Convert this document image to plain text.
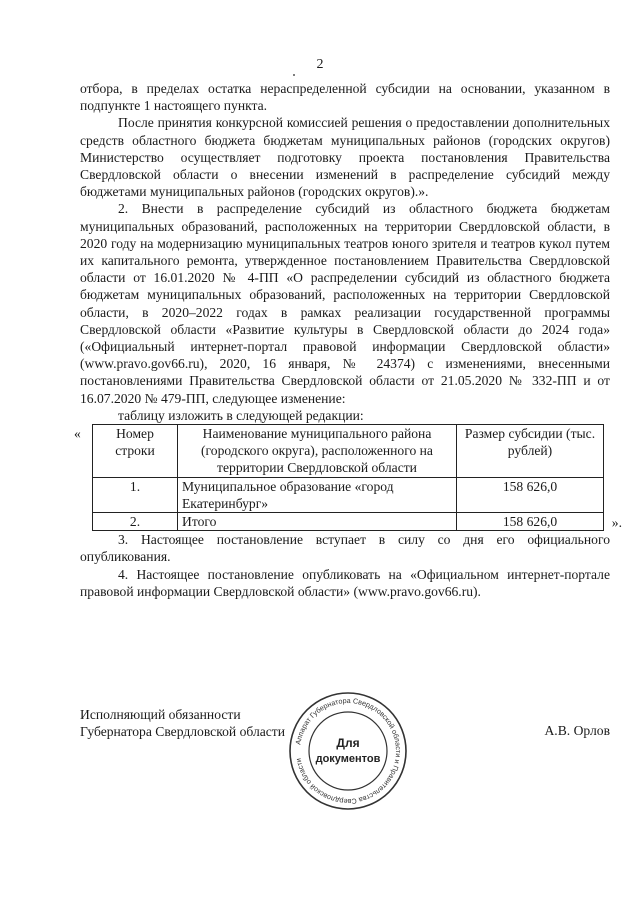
2

отбора, в пределах остатка нераспределенной субсидии на основании, указанном в подпункте 1 настоящего пункта.

После принятия конкурсной комиссией решения о предоставлении дополнительных средств областного бюджета бюджетам муниципальных районов (городских округов) Министерство осуществляет подготовку проекта постановления Правительства Свердловской области о внесении изменений в распределение субсидий между бюджетами муниципальных районов (городских округов).».

2. Внести в распределение субсидий из областного бюджета бюджетам муниципальных образований, расположенных на территории Свердловской области, в 2020 году на модернизацию муниципальных театров юного зрителя и театров кукол путем их капитального ремонта, утвержденное постановлением Правительства Свердловской области от 16.01.2020 № 4-ПП «О распределении субсидий из областного бюджета бюджетам муниципальных образований, расположенных на территории Свердловской области, в 2020–2022 годах в рамках реализации государственной программы Свердловской области «Развитие культуры в Свердловской области до 2024 года» («Официальный интернет-портал правовой информации Свердловской области» (www.pravo.gov66.ru), 2020, 16 января, № 24374) с изменениями, внесенными постановлениями Правительства Свердловской области от 21.05.2020 № 332-ПП и от 16.07.2020 № 479-ПП, следующее изменение:

таблицу изложить в следующей редакции:

«	Номер строки	Наименование муниципального района (городского округа), расположенного на территории Свердловской области	Размер субсидии (тыс. рублей)
1.	Муниципальное образование «город Екатеринбург»	158 626,0
2.	Итого	158 626,0	».

3. Настоящее постановление вступает в силу со дня его официального опубликования.

4. Настоящее постановление опубликовать на «Официальном интернет-портале правовой информации Свердловской области» (www.pravo.gov66.ru).

Исполняющий обязанности Губернатора Свердловской области	А.В. Орлов
Аппарат Губернатора Свердловской области и Правительства Свердловской области
Для
документов
